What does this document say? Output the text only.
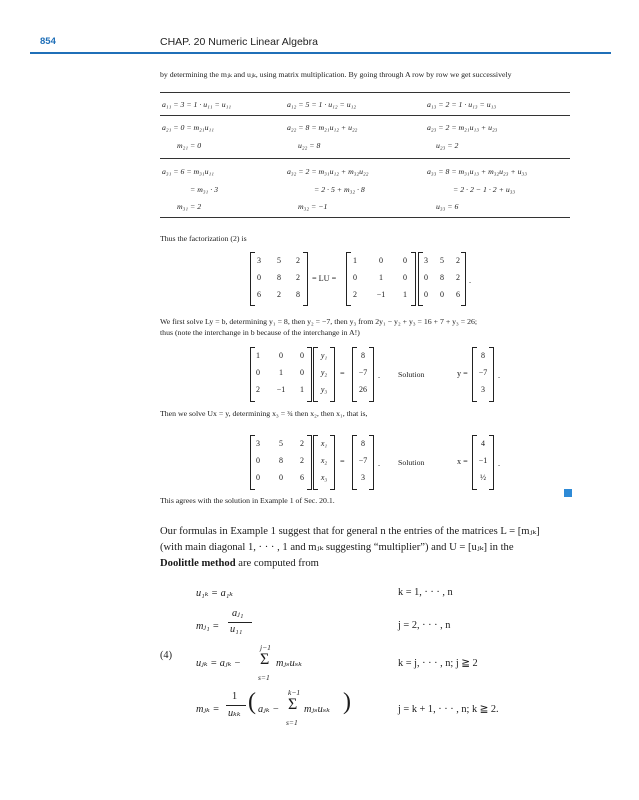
854	CHAP. 20 Numeric Linear Algebra
by determining the mⱼₖ and uⱼₖ, using matrix multiplication. By going through A row by row we get successively
a₁₁ = 3 = 1 · u₁₁ = u₁₁	a₁₂ = 5 = 1 · u₁₂ = u₁₂	a₁₃ = 2 = 1 · u₁₃ = u₁₃
a₂₁ = 0 = m₂₁u₁₁	a₂₂ = 8 = m₂₁u₁₂ + u₂₂	a₂₃ = 2 = m₂₁u₁₃ + u₂₃
m₂₁ = 0	u₂₂ = 8	u₂₃ = 2
a₃₁ = 6 = m₃₁u₁₁	a₃₂ = 2 = m₃₁u₁₂ + m₃₂u₂₂	a₃₃ = 8 = m₃₁u₁₃ + m₃₂u₂₃ + u₃₃
= m₃₁ · 3	= 2 · 5 + m₃₂ · 8	= 2 · 2 − 1 · 2 + u₃₃
m₃₁ = 2	m₃₂ = −1	u₃₃ = 6
Thus the factorization (2) is
3	5	2
0	8	2
6	2	8
= LU =
1	0	0
0	1	0
2	−1	1
3	5	2
0	8	2
0	0	6
.
We first solve Ly = b, determining y₁ = 8, then y₂ = −7, then y₃ from 2y₁ − y₂ + y₃ = 16 + 7 + y₃ = 26;
thus (note the interchange in b because of the interchange in A!)
1	0	0
0	1	0
2	−1	1
y₁
y₂
y₃
=
8
−7
26
. Solution	y =
8
−7
3
.
Then we solve Ux = y, determining x₃ = ¾ then x₂, then x₁, that is,
3	5	2
0	8	2
0	0	6
x₁
x₂
x₃
=
8
−7
3
. Solution	x =
4
−1
½
.
This agrees with the solution in Example 1 of Sec. 20.1.
Our formulas in Example 1 suggest that for general n the entries of the matrices L = [mⱼₖ]
(with main diagonal 1, · · · , 1 and mⱼₖ suggesting “multiplier”) and U = [uⱼₖ] in the
Doolittle method are computed from
u₁ₖ = a₁ₖ	k = 1, · · · , n
mⱼ₁ =
aⱼ₁
u₁₁	j = 2, · · · , n
(4)
uⱼₖ = aⱼₖ −
j−1
Σ
s=1
mⱼₛuₛₖ	k = j, · · · , n; j ≧ 2
mⱼₖ =
1
uₖₖ ( aⱼₖ −
k−1
Σ
s=1
mⱼₛuₛₖ )	j = k + 1, · · · , n; k ≧ 2.
